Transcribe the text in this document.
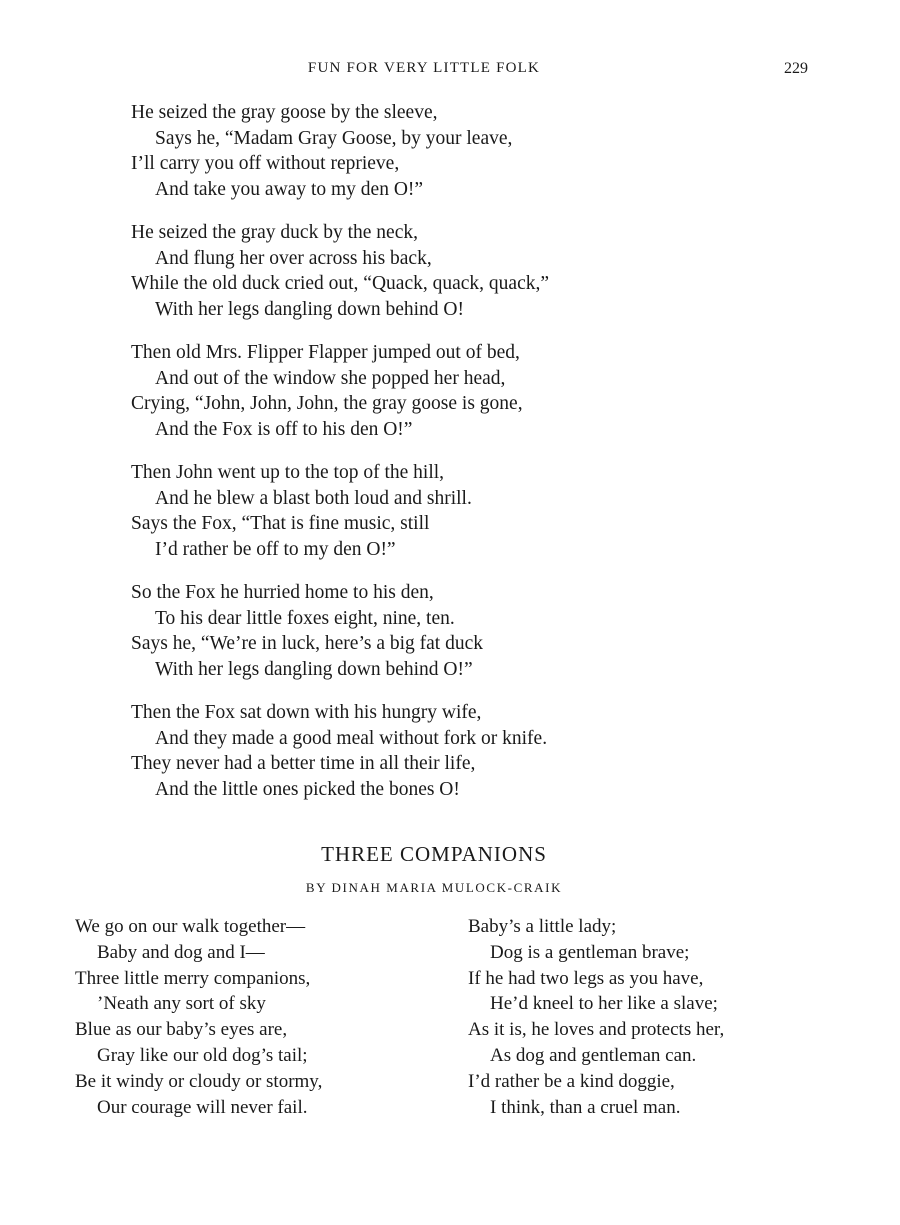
FUN FOR VERY LITTLE FOLK	229
He seized the gray goose by the sleeve,
Says he, “Madam Gray Goose, by your leave,
I’ll carry you off without reprieve,
And take you away to my den O!”
He seized the gray duck by the neck,
And flung her over across his back,
While the old duck cried out, “Quack, quack, quack,”
With her legs dangling down behind O!
Then old Mrs. Flipper Flapper jumped out of bed,
And out of the window she popped her head,
Crying, “John, John, John, the gray goose is gone,
And the Fox is off to his den O!”
Then John went up to the top of the hill,
And he blew a blast both loud and shrill.
Says the Fox, “That is fine music, still
I’d rather be off to my den O!”
So the Fox he hurried home to his den,
To his dear little foxes eight, nine, ten.
Says he, “We’re in luck, here’s a big fat duck
With her legs dangling down behind O!”
Then the Fox sat down with his hungry wife,
And they made a good meal without fork or knife.
They never had a better time in all their life,
And the little ones picked the bones O!
THREE COMPANIONS
BY DINAH MARIA MULOCK-CRAIK
We go on our walk together—
Baby and dog and I—
Three little merry companions,
’Neath any sort of sky
Blue as our baby’s eyes are,
Gray like our old dog’s tail;
Be it windy or cloudy or stormy,
Our courage will never fail.
Baby’s a little lady;
Dog is a gentleman brave;
If he had two legs as you have,
He’d kneel to her like a slave;
As it is, he loves and protects her,
As dog and gentleman can.
I’d rather be a kind doggie,
I think, than a cruel man.
